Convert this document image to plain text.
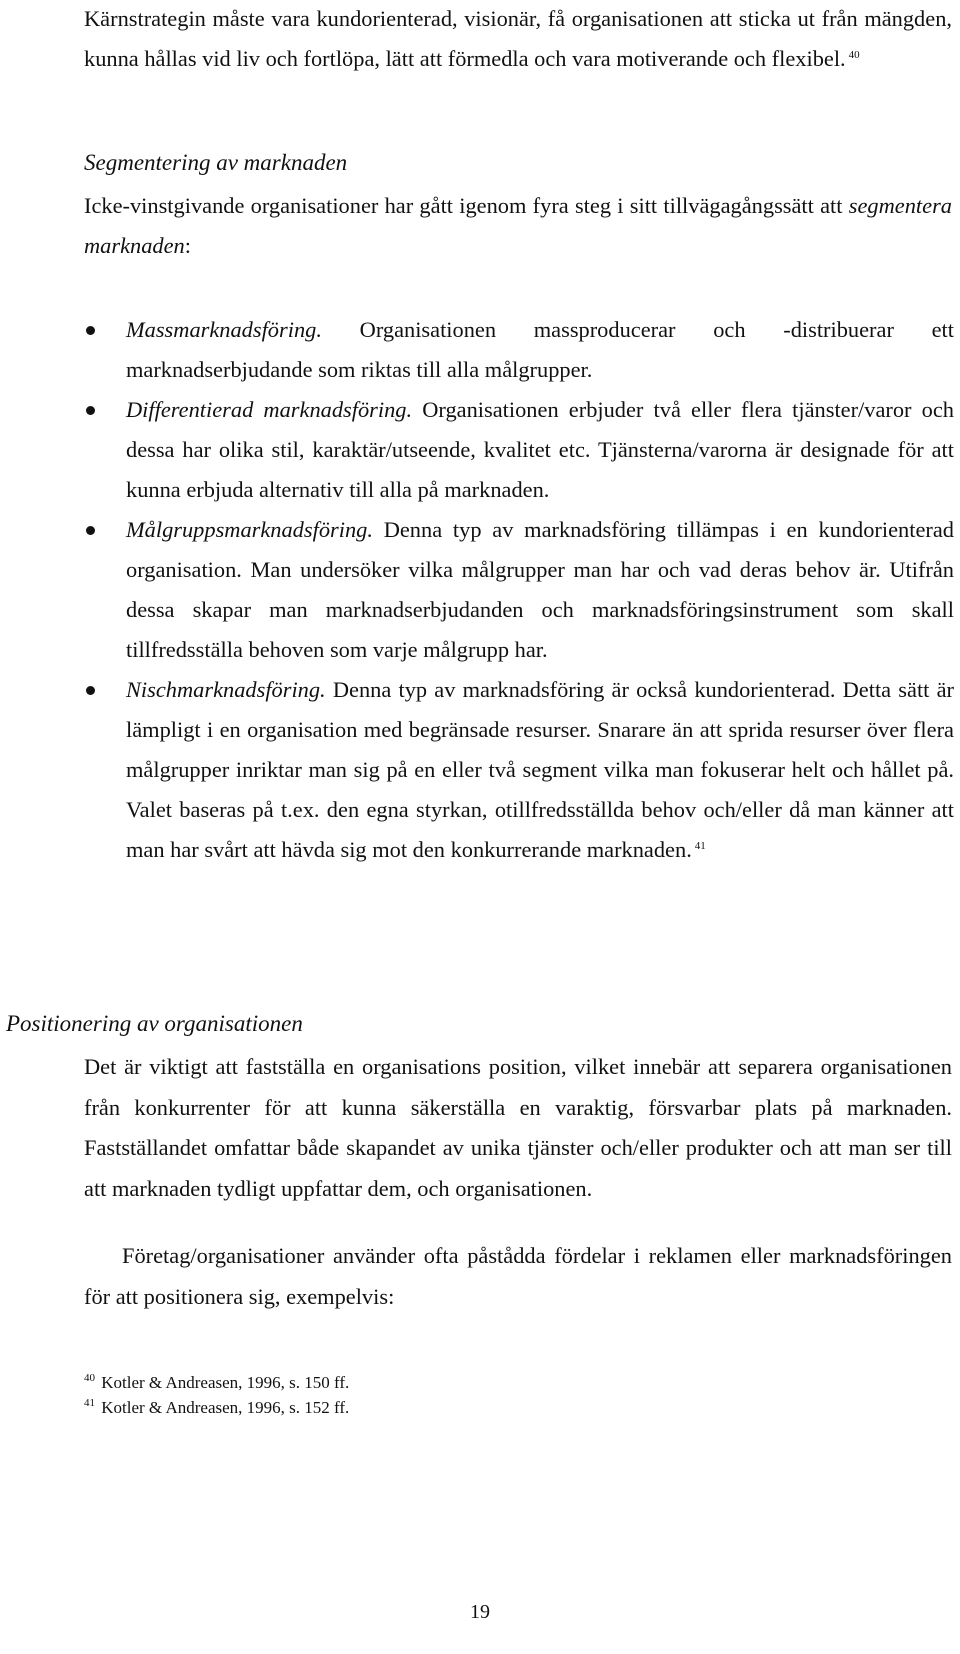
Kärnstrategin måste vara kundorienterad, visionär, få organisationen att sticka ut från mängden, kunna hållas vid liv och fortlöpa, lätt att förmedla och vara motiverande och flexibel. $^{40}$

Segmentering av marknaden

Icke-vinstgivande organisationer har gått igenom fyra steg i sitt tillvägagångssätt att segmentera marknaden:

Massmarknadsföring. Organisationen massproducerar och -distribuerar ett marknadserbjudande som riktas till alla målgrupper.
Differentierad marknadsföring. Organisationen erbjuder två eller flera tjänster/varor och dessa har olika stil, karaktär/utseende, kvalitet etc. Tjänsterna/varorna är designade för att kunna erbjuda alternativ till alla på marknaden.
Målgruppsmarknadsföring. Denna typ av marknadsföring tillämpas i en kundorienterad organisation. Man undersöker vilka målgrupper man har och vad deras behov är. Utifrån dessa skapar man marknadserbjudanden och marknadsföringsinstrument som skall tillfredsställa behoven som varje målgrupp har.
Nischmarknadsföring. Denna typ av marknadsföring är också kundorienterad. Detta sätt är lämpligt i en organisation med begränsade resurser. Snarare än att sprida resurser över flera målgrupper inriktar man sig på en eller två segment vilka man fokuserar helt och hållet på. Valet baseras på t.ex. den egna styrkan, otillfredsställda behov och/eller då man känner att man har svårt att hävda sig mot den konkurrerande marknaden. $^{41}$
Positionering av organisationen

Det är viktigt att fastställa en organisations position, vilket innebär att separera organisationen från konkurrenter för att kunna säkerställa en varaktig, försvarbar plats på marknaden. Fastställandet omfattar både skapandet av unika tjänster och/eller produkter och att man ser till att marknaden tydligt uppfattar dem, och organisationen.

Företag/organisationer använder ofta påstådda fördelar i reklamen eller marknadsföringen för att positionera sig, exempelvis:

$^{40}$ Kotler & Andreasen, 1996, s. 150 ff.
$^{41}$ Kotler & Andreasen, 1996, s. 152 ff.
19
